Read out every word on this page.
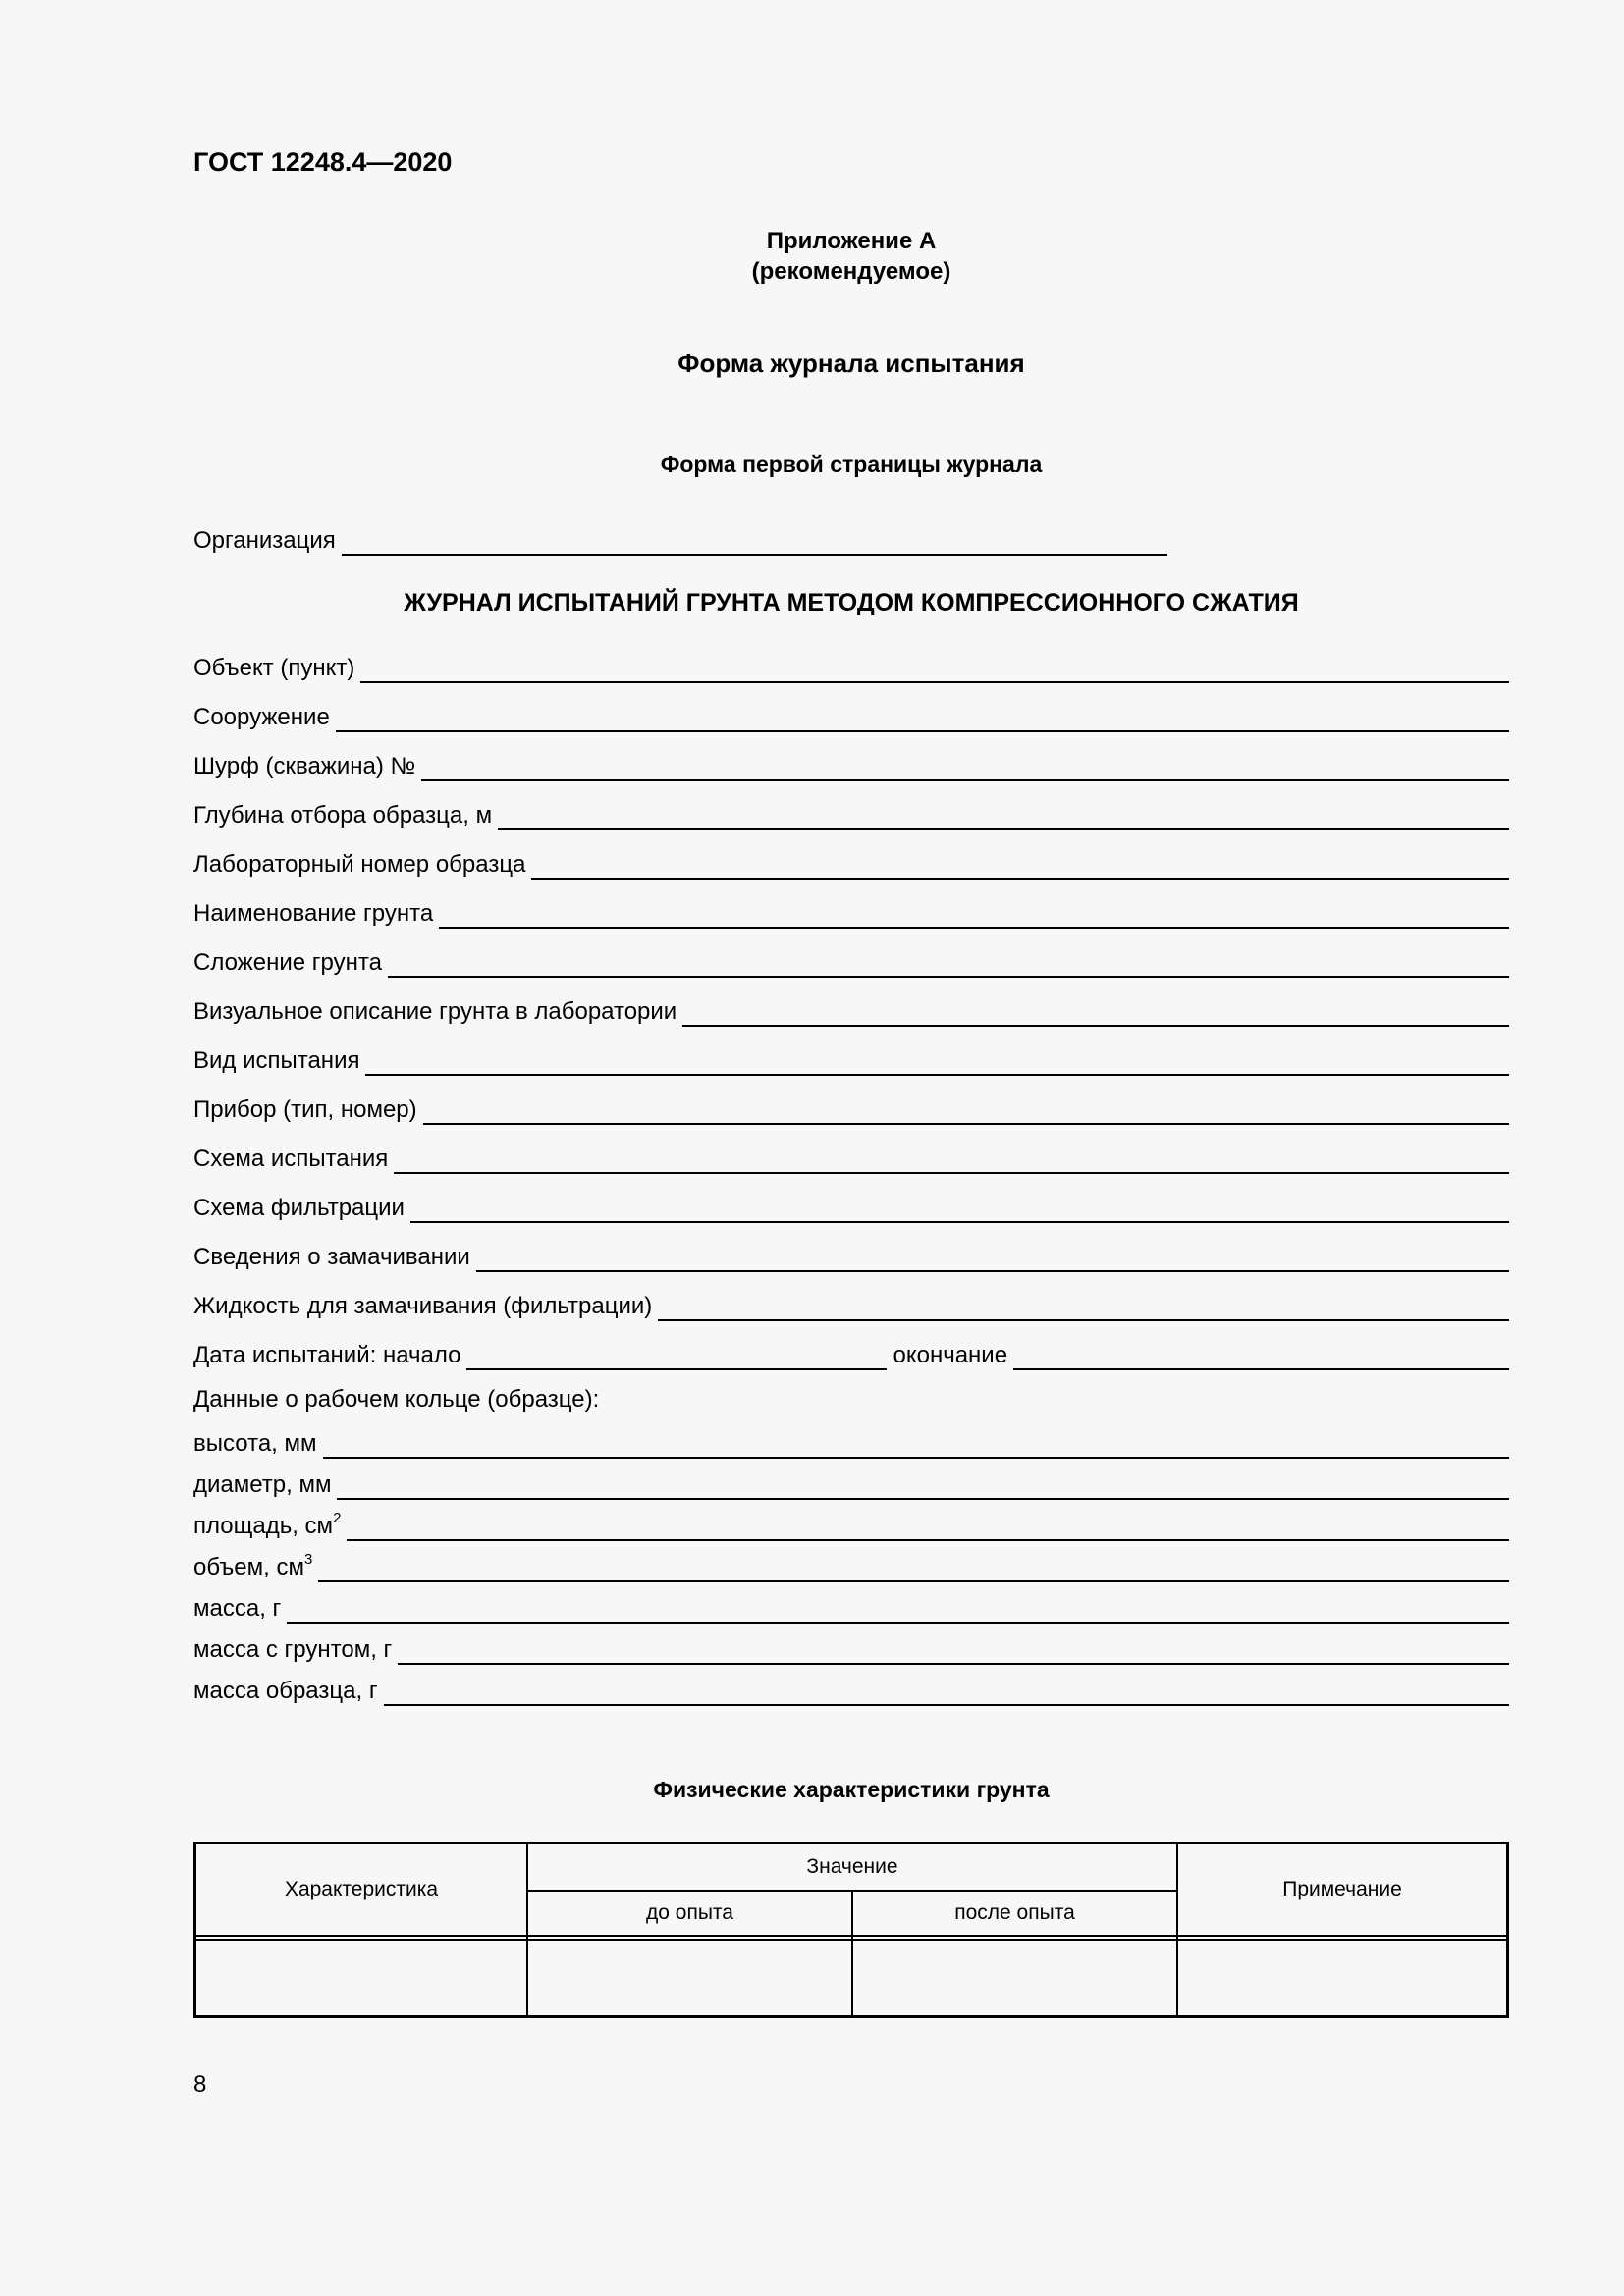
ГОСТ 12248.4—2020
Приложение А
(рекомендуемое)
Форма журнала испытания
Форма первой страницы журнала
Организация
ЖУРНАЛ ИСПЫТАНИЙ ГРУНТА МЕТОДОМ КОМПРЕССИОННОГО СЖАТИЯ
Объект (пункт)
Сооружение
Шурф (скважина) №
Глубина отбора образца, м
Лабораторный номер образца
Наименование грунта
Сложение грунта
Визуальное описание грунта в лаборатории
Вид испытания
Прибор (тип, номер)
Схема испытания
Схема фильтрации
Сведения о замачивании
Жидкость для замачивания (фильтрации)
Дата испытаний: начало	окончание
Данные о рабочем кольце (образце):
высота, мм
диаметр, мм
площадь, $см^2$
объем, $см^3$
масса, г
масса с грунтом, г
масса образца, г
Физические характеристики грунта
Характеристика
Значение
до опыта	после опыта
Примечание
8
